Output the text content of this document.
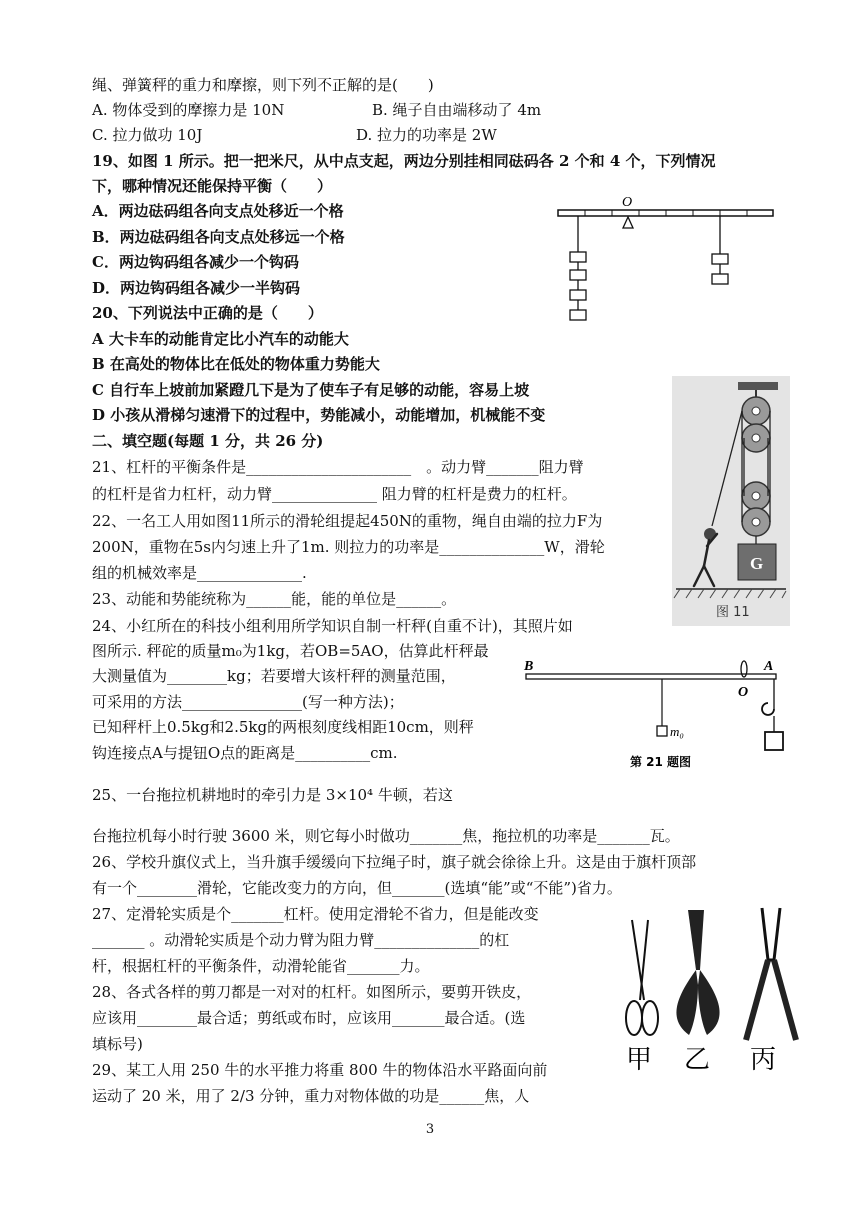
绳、弹簧秤的重力和摩擦，则下列不正解的是(　　)
A. 物体受到的摩擦力是 10N	B. 绳子自由端移动了 4m
C. 拉力做功 10J	D. 拉力的功率是 2W
19、如图 1 所示。把一把米尺，从中点支起，两边分别挂相同砝码各 2 个和 4 个，下列情况
下，哪种情况还能保持平衡（　　）
A．两边砝码组各向支点处移近一个格
B．两边砝码组各向支点处移远一个格
C．两边钩码组各减少一个钩码
D．两边钩码组各减少一半钩码
20、下列说法中正确的是（　　）
A 大卡车的动能肯定比小汽车的动能大
B 在高处的物体比在低处的物体重力势能大
C 自行车上坡前加紧蹬几下是为了使车子有足够的动能，容易上坡
D 小孩从滑梯匀速滑下的过程中，势能减小，动能增加，机械能不变
二、填空题(每题 1 分，共 26 分)
21、杠杆的平衡条件是______________________　。动力臂_______阻力臂
的杠杆是省力杠杆，动力臂______________ 阻力臂的杠杆是费力的杠杆。
22、一名工人用如图11所示的滑轮组提起450N的重物，绳自由端的拉力F为
200N，重物在5s内匀速上升了1m. 则拉力的功率是______________W，滑轮
组的机械效率是______________.
23、动能和势能统称为______能，能的单位是______。
24、小红所在的科技小组利用所学知识自制一杆秤(自重不计)，其照片如
图所示. 秤砣的质量m₀为1kg，若OB=5AO，估算此杆秤最
大测量值为________kg；若要增大该杆秤的测量范围，
可采用的方法________________(写一种方法)；
已知秤杆上0.5kg和2.5kg的两根刻度线相距10cm，则秤
钩连接点A与提钮O点的距离是__________cm.
25、一台拖拉机耕地时的牵引力是 3×10⁴ 牛顿，若这
台拖拉机每小时行驶 3600 米，则它每小时做功_______焦，拖拉机的功率是_______瓦。
26、学校升旗仪式上，当升旗手缓缓向下拉绳子时，旗子就会徐徐上升。这是由于旗杆顶部
有一个________滑轮，它能改变力的方向，但_______(选填“能”或“不能”)省力。
27、定滑轮实质是个_______杠杆。使用定滑轮不省力，但是能改变
_______ 。动滑轮实质是个动力臂为阻力臂______________的杠
杆，根据杠杆的平衡条件，动滑轮能省_______力。
28、各式各样的剪刀都是一对对的杠杆。如图所示，要剪开铁皮，
应该用________最合适；剪纸或布时，应该用_______最合适。(选
填标号)
29、某工人用 250 牛的水平推力将重 800 牛的物体沿水平路面向前
运动了 20 米，用了 2/3 分钟，重力对物体做的功是______焦，人
O
G
图 11
B
O
A
m₀
第 21 题图
甲 乙 丙
3
